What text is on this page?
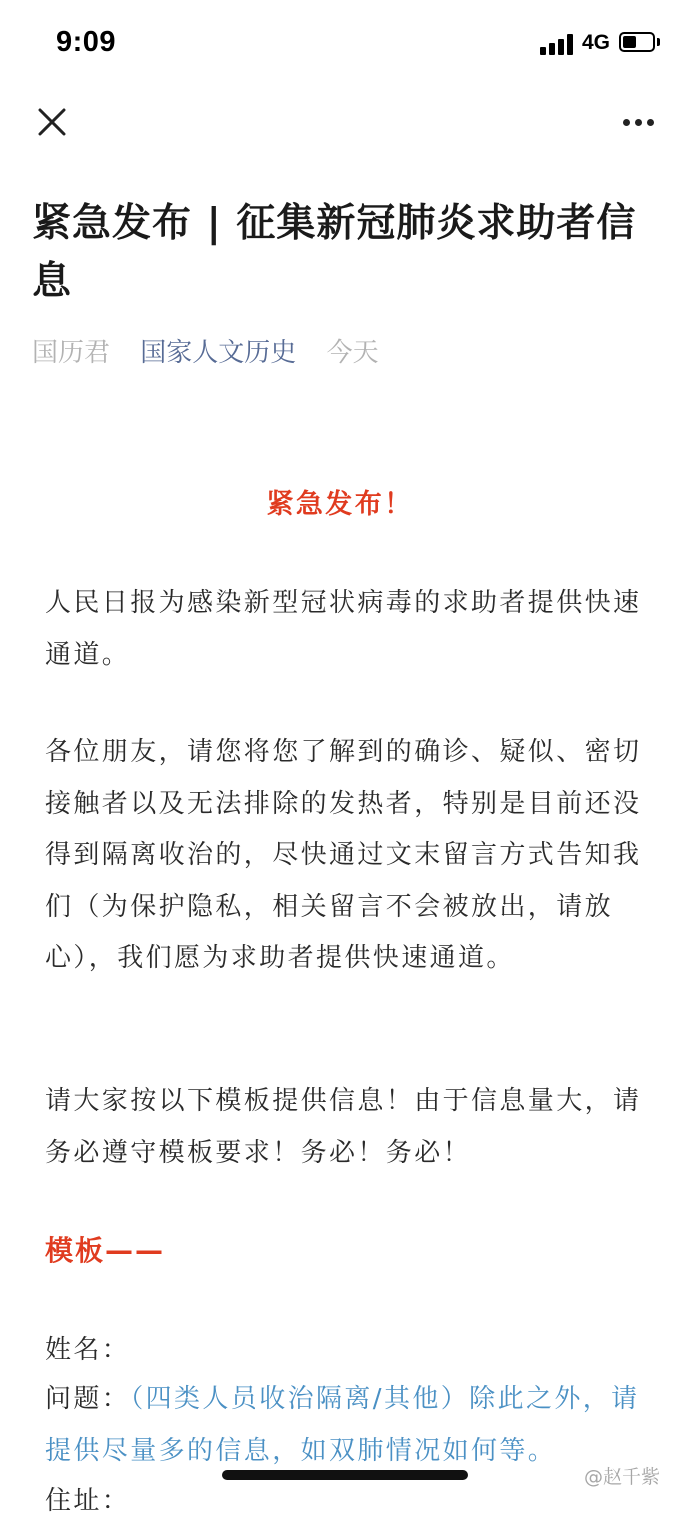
9:09	4G
紧急发布 | 征集新冠肺炎求助者信息
国历君 国家人文历史 今天
紧急发布！

人民日报为感染新型冠状病毒的求助者提供快速通道。

各位朋友，请您将您了解到的确诊、疑似、密切接触者以及无法排除的发热者，特别是目前还没得到隔离收治的，尽快通过文末留言方式告知我们（为保护隐私，相关留言不会被放出，请放心），我们愿为求助者提供快速通道。

请大家按以下模板提供信息！由于信息量大，请务必遵守模板要求！务必！务必！

模板——

姓名：

问题：（四类人员收治隔离/其他）除此之外，请提供尽量多的信息，如双肺情况如何等。

住址：

@赵千紫
